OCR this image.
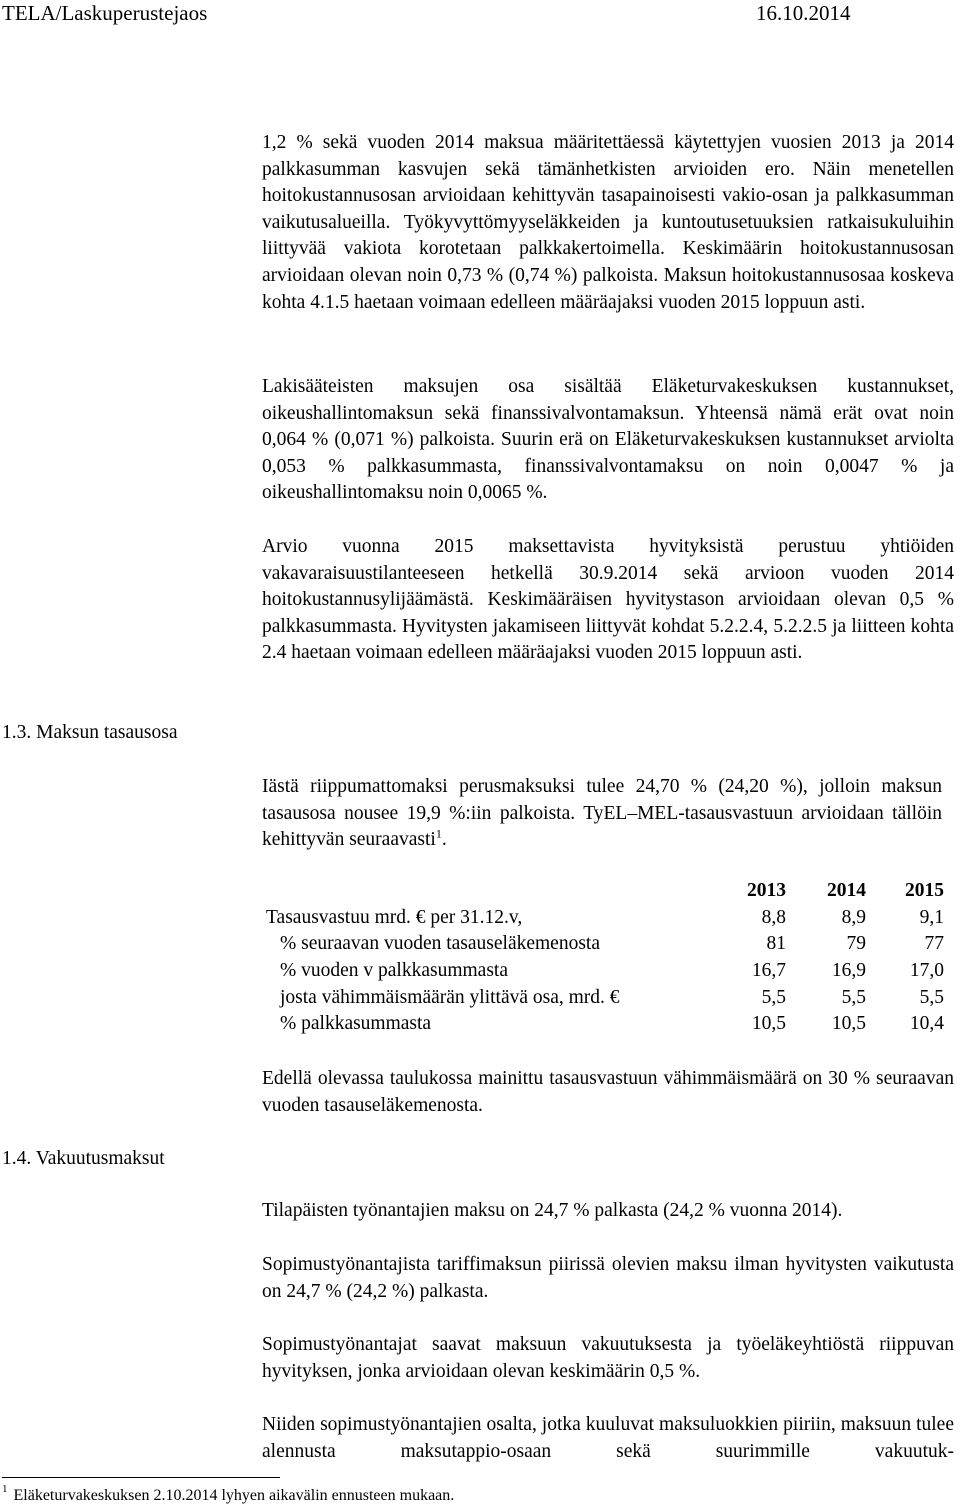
TELA/Laskuperustejaos	16.10.2014

1,2 % sekä vuoden 2014 maksua määritettäessä käytettyjen vuosien 2013 ja 2014 palkkasumman kasvujen sekä tämänhetkisten arvioiden ero. Näin menetellen hoitokustannusosan arvioidaan kehittyvän tasapainoisesti vakio-osan ja palkkasumman vaikutusalueilla. Työkyvyttömyyseläkkeiden ja kuntoutusetuuksien ratkaisukuluihin liittyvää vakiota korotetaan palkkakertoimella. Keskimäärin hoitokustannusosan arvioidaan olevan noin 0,73 % (0,74 %) palkoista. Maksun hoitokustannusosaa koskeva kohta 4.1.5 haetaan voimaan edelleen määräajaksi vuoden 2015 loppuun asti.

Lakisääteisten maksujen osa sisältää Eläketurvakeskuksen kustannukset, oikeushallintomaksun sekä finanssivalvontamaksun. Yhteensä nämä erät ovat noin 0,064 % (0,071 %) palkoista. Suurin erä on Eläketurvakeskuksen kustannukset arviolta 0,053 % palkkasummasta, finanssivalvontamaksu on noin 0,0047 % ja oikeushallintomaksu noin 0,0065 %.

Arvio vuonna 2015 maksettavista hyvityksistä perustuu yhtiöiden vakavaraisuustilanteeseen hetkellä 30.9.2014 sekä arvioon vuoden 2014 hoitokustannusylijäämästä. Keskimääräisen hyvitystason arvioidaan olevan 0,5 % palkkasummasta. Hyvitysten jakamiseen liittyvät kohdat 5.2.2.4, 5.2.2.5 ja liitteen kohta 2.4 haetaan voimaan edelleen määräajaksi vuoden 2015 loppuun asti.

1.3. Maksun tasausosa

Iästä riippumattomaksi perusmaksuksi tulee 24,70 % (24,20 %), jolloin maksun tasausosa nousee 19,9 %:iin palkoista. TyEL–MEL-tasausvastuun arvioidaan tällöin kehittyvän seuraavasti$^1$.

	2013	2014	2015
Tasausvastuu mrd. € per 31.12.v,	8,8	8,9	9,1
% seuraavan vuoden tasauseläkemenosta	81	79	77
% vuoden v palkkasummasta	16,7	16,9	17,0
josta vähimmäismäärän ylittävä osa, mrd. €	5,5	5,5	5,5
% palkkasummasta	10,5	10,5	10,4

Edellä olevassa taulukossa mainittu tasausvastuun vähimmäismäärä on 30 % seuraavan vuoden tasauseläkemenosta.

1.4. Vakuutusmaksut

Tilapäisten työnantajien maksu on 24,7 % palkasta (24,2 % vuonna 2014).

Sopimustyönantajista tariffimaksun piirissä olevien maksu ilman hyvitysten vaikutusta on 24,7 % (24,2 %) palkasta.

Sopimustyönantajat saavat maksuun vakuutuksesta ja työeläkeyhtiöstä riippuvan hyvityksen, jonka arvioidaan olevan keskimäärin 0,5 %.

Niiden sopimustyönantajien osalta, jotka kuuluvat maksuluokkien piiriin, maksuun tulee alennusta maksutappio-osaan sekä suurimmille vakuutuk-

$^1$ Eläketurvakeskuksen 2.10.2014 lyhyen aikavälin ennusteen mukaan.
